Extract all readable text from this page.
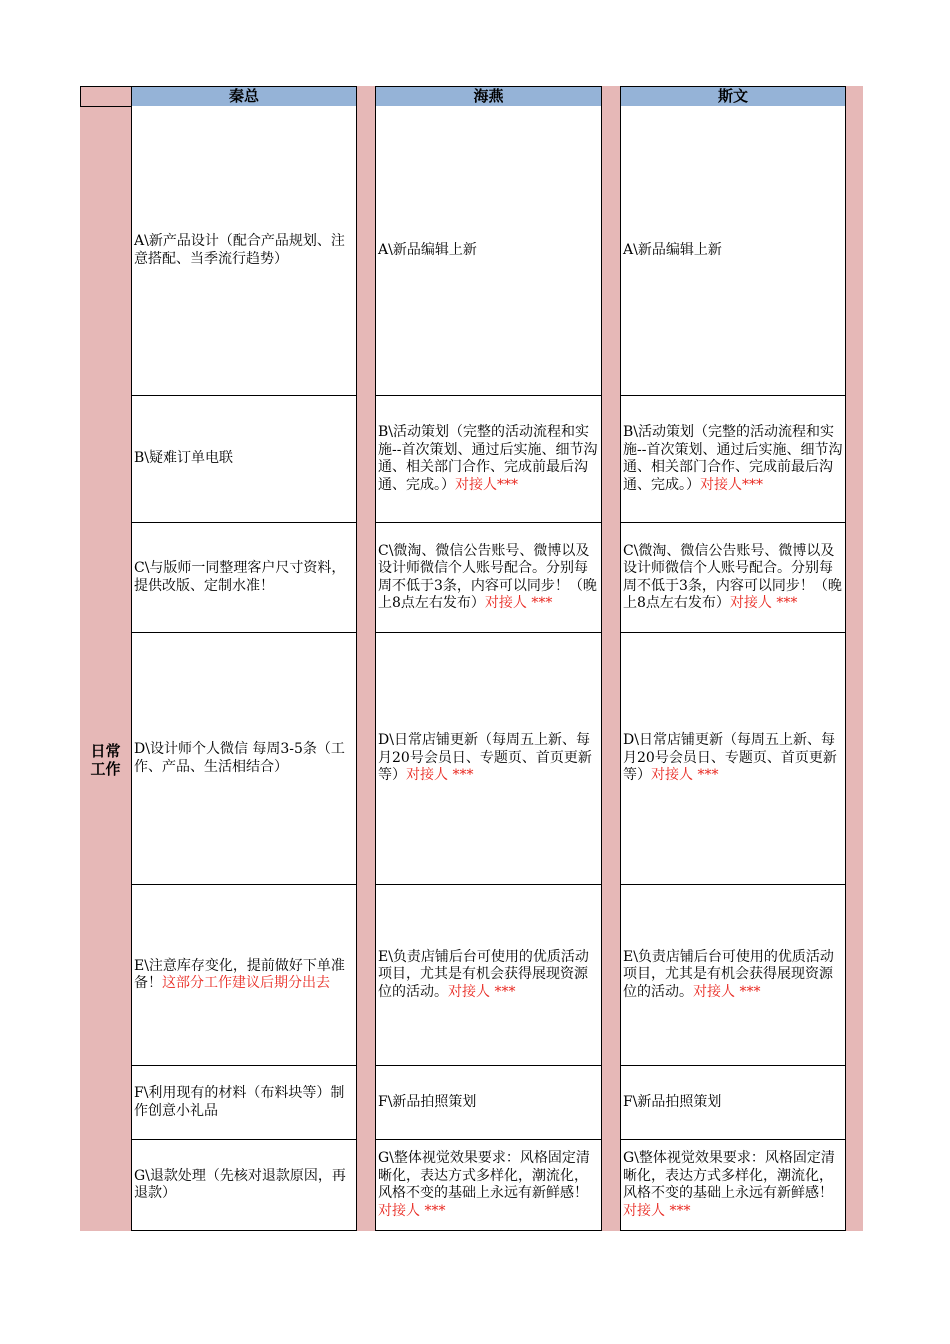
秦总	海燕	斯文
日常
工作
A\新产品设计（配合产品规划、注意搭配、当季流行趋势）
B\疑难订单电联
C\与版师一同整理客户尺寸资料，提供改版、定制水准！
D\设计师个人微信 每周3-5条（工作、产品、生活相结合）
E\注意库存变化，提前做好下单准备！这部分工作建议后期分出去
F\利用现有的材料（布料块等）制作创意小礼品
G\退款处理（先核对退款原因，再退款）
A\新品编辑上新
B\活动策划（完整的活动流程和实施--首次策划、通过后实施、细节沟通、相关部门合作、完成前最后沟通、完成。）对接人***
C\微淘、微信公告账号、微博以及设计师微信个人账号配合。分别每周不低于3条，内容可以同步！（晚上8点左右发布）对接人 ***
D\日常店铺更新（每周五上新、每月20号会员日、专题页、首页更新等）对接人 ***
E\负责店铺后台可使用的优质活动项目，尤其是有机会获得展现资源位的活动。对接人 ***
F\新品拍照策划
G\整体视觉效果要求：风格固定清晰化，表达方式多样化，潮流化，风格不变的基础上永远有新鲜感！对接人 ***
A\新品编辑上新
B\活动策划（完整的活动流程和实施--首次策划、通过后实施、细节沟通、相关部门合作、完成前最后沟通、完成。）对接人***
C\微淘、微信公告账号、微博以及设计师微信个人账号配合。分别每周不低于3条，内容可以同步！（晚上8点左右发布）对接人 ***
D\日常店铺更新（每周五上新、每月20号会员日、专题页、首页更新等）对接人 ***
E\负责店铺后台可使用的优质活动项目，尤其是有机会获得展现资源位的活动。对接人 ***
F\新品拍照策划
G\整体视觉效果要求：风格固定清晰化，表达方式多样化，潮流化，风格不变的基础上永远有新鲜感！对接人 ***
